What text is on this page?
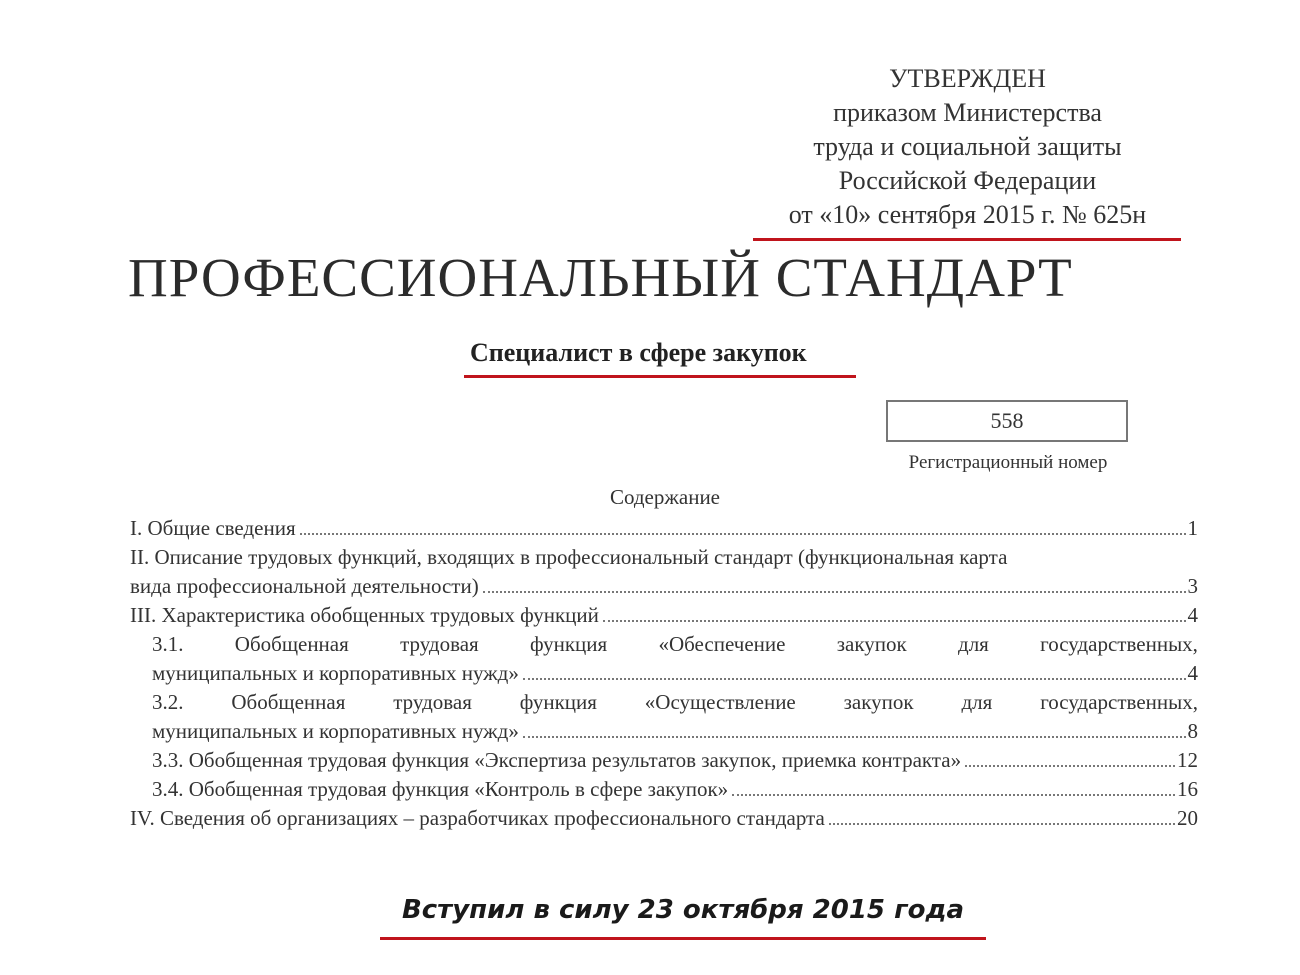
УТВЕРЖДЕН
приказом Министерства
труда и социальной защиты
Российской Федерации
от «10» сентября 2015 г. № 625н
ПРОФЕССИОНАЛЬНЫЙ СТАНДАРТ
Специалист в сфере закупок
558
Регистрационный номер
Содержание
I. Общие сведения	1
II. Описание трудовых функций, входящих в профессиональный стандарт (функциональная карта
вида профессиональной деятельности)	3
III. Характеристика обобщенных трудовых функций	4
3.1. Обобщенная трудовая функция «Обеспечение закупок для государственных,
муниципальных и корпоративных нужд»	4
3.2. Обобщенная трудовая функция «Осуществление закупок для государственных,
муниципальных и корпоративных нужд»	8
3.3. Обобщенная трудовая функция «Экспертиза результатов закупок, приемка контракта»	12
3.4. Обобщенная трудовая функция «Контроль в сфере закупок»	16
IV. Сведения об организациях – разработчиках профессионального стандарта	20
Вступил в силу 23 октября 2015 года
